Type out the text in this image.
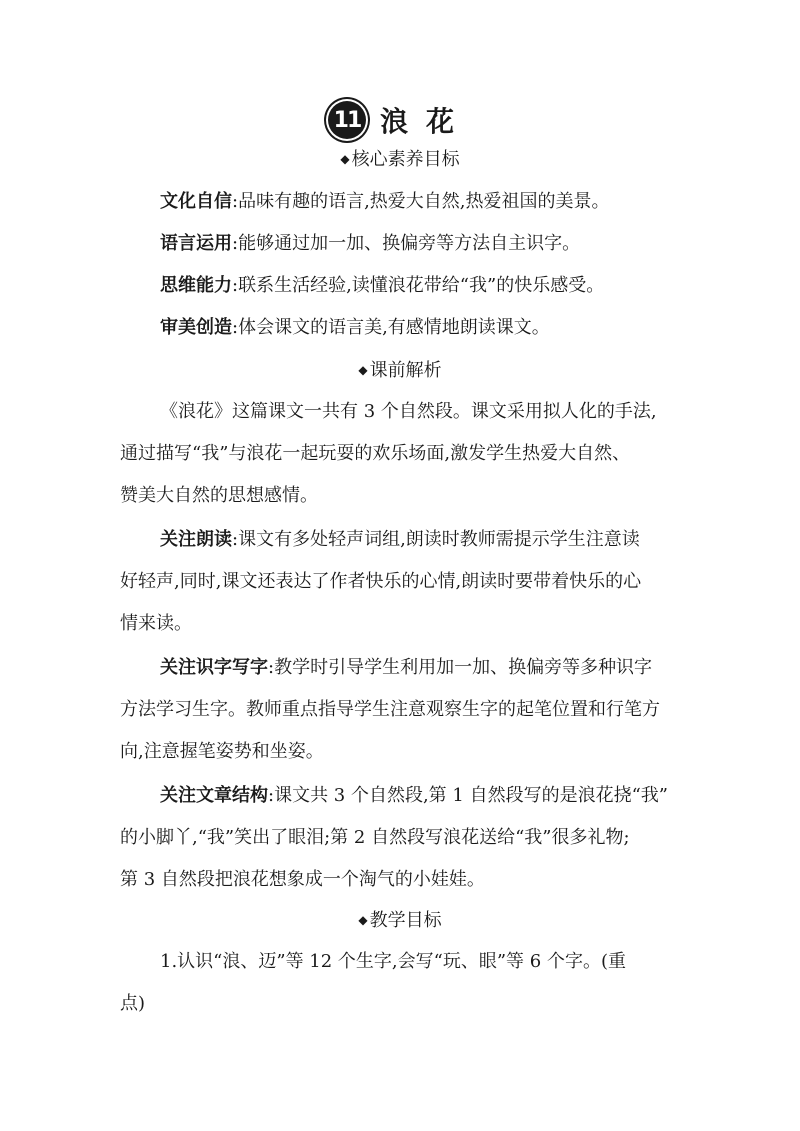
11 浪花
◆ 核心素养目标
文化自信:品味有趣的语言,热爱大自然,热爱祖国的美景。
语言运用:能够通过加一加、换偏旁等方法自主识字。
思维能力:联系生活经验,读懂浪花带给“我”的快乐感受。
审美创造:体会课文的语言美,有感情地朗读课文。
◆ 课前解析
《浪花》这篇课文一共有 3 个自然段。课文采用拟人化的手法,
通过描写“我”与浪花一起玩耍的欢乐场面,激发学生热爱大自然、
赞美大自然的思想感情。
关注朗读:课文有多处轻声词组,朗读时教师需提示学生注意读
好轻声,同时,课文还表达了作者快乐的心情,朗读时要带着快乐的心
情来读。
关注识字写字:教学时引导学生利用加一加、换偏旁等多种识字
方法学习生字。教师重点指导学生注意观察生字的起笔位置和行笔方
向,注意握笔姿势和坐姿。
关注文章结构:课文共 3 个自然段,第 1 自然段写的是浪花挠“我”
的小脚丫,“我”笑出了眼泪;第 2 自然段写浪花送给“我”很多礼物;
第 3 自然段把浪花想象成一个淘气的小娃娃。
◆ 教学目标
1.认识“浪、迈”等 12 个生字,会写“玩、眼”等 6 个字。(重
点)
